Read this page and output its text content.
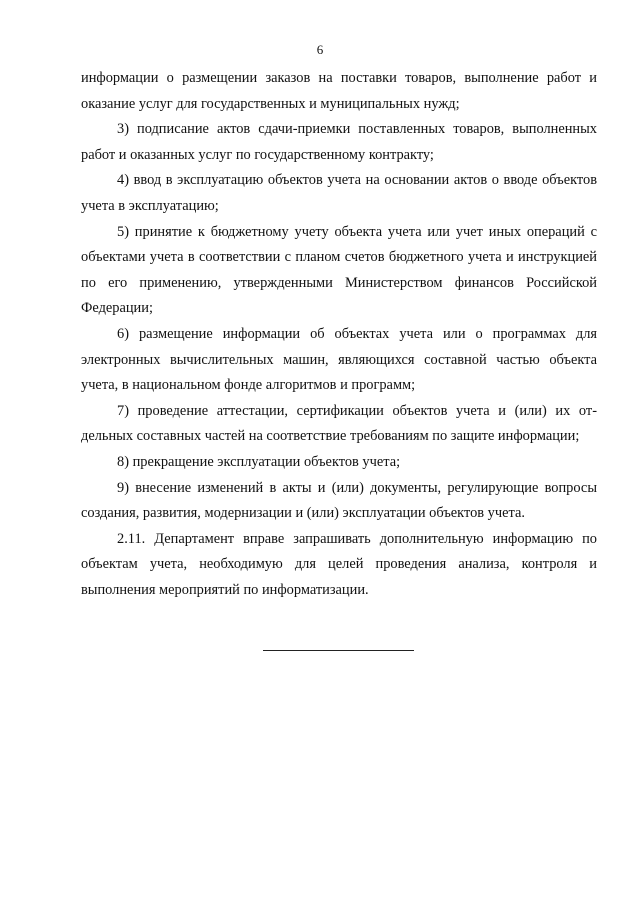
6

информации о размещении заказов на поставки товаров, выполнение работ и оказание услуг для государственных и муниципальных нужд;

3) подписание актов сдачи-приемки поставленных товаров, выполненных работ и оказанных услуг по государственному контракту;

4) ввод в эксплуатацию объектов учета на основании актов о вводе объектов учета в эксплуатацию;

5) принятие к бюджетному учету объекта учета или учет иных операций с объектами учета в соответствии с планом счетов бюджетного учета и инструкцией по его применению, утвержденными Министерством финансов Российской Федерации;

6) размещение информации об объектах учета или о программах для электронных вычислительных машин, являющихся составной частью объекта учета, в национальном фонде алгоритмов и программ;

7) проведение аттестации, сертификации объектов учета и (или) их отдельных составных частей на соответствие требованиям по защите информации;

8) прекращение эксплуатации объектов учета;

9) внесение изменений в акты и (или) документы, регулирующие вопросы создания, развития, модернизации и (или) эксплуатации объектов учета.

2.11. Департамент вправе запрашивать дополнительную информацию по объектам учета, необходимую для целей проведения анализа, контроля и выполнения мероприятий по информатизации.
